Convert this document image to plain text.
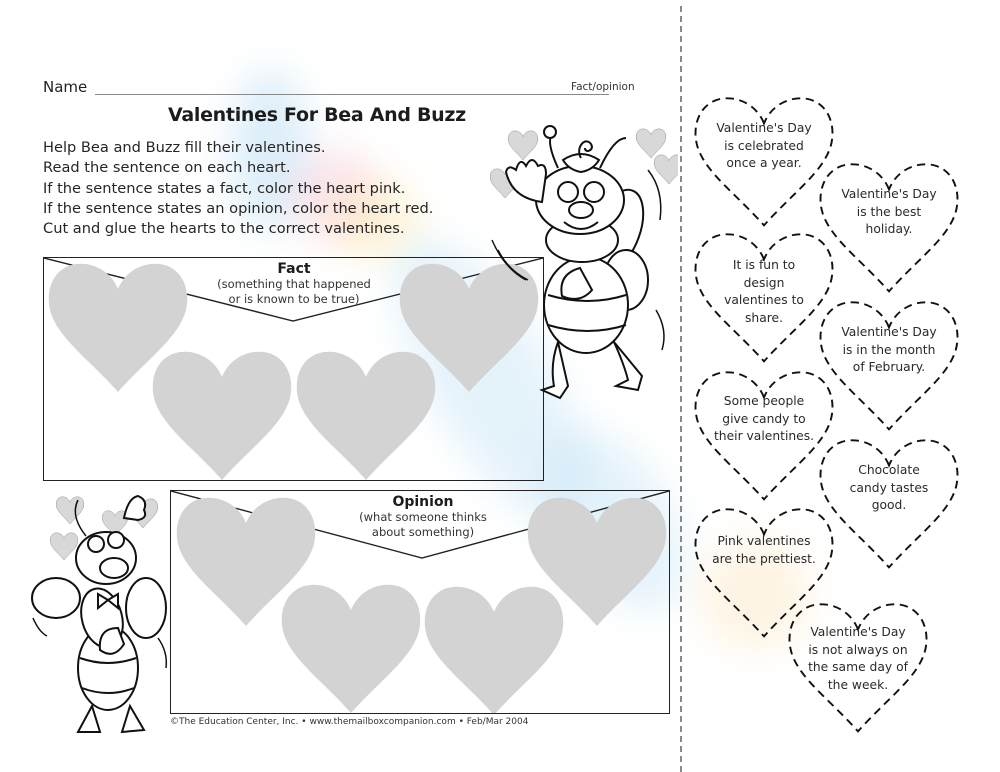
Name	Fact/opinion
Valentines For Bea And Buzz
Help Bea and Buzz fill their valentines.
Read the sentence on each heart.
If the sentence states a fact, color the heart pink.
If the sentence states an opinion, color the heart red.
Cut and glue the hearts to the correct valentines.
Fact
(something that happened
or is known to be true)
Opinion
(what someone thinks
about something)
©The Education Center, Inc. • www.themailboxcompanion.com • Feb/Mar 2004
Valentine's Day
is celebrated
once a year.
Valentine's Day
is the best
holiday.
It is fun to
design
valentines to
share.
Valentine's Day
is in the month
of February.
Some people
give candy to
their valentines.
Chocolate
candy tastes
good.
Pink valentines
are the prettiest.
Valentine's Day
is not always on
the same day of
the week.
